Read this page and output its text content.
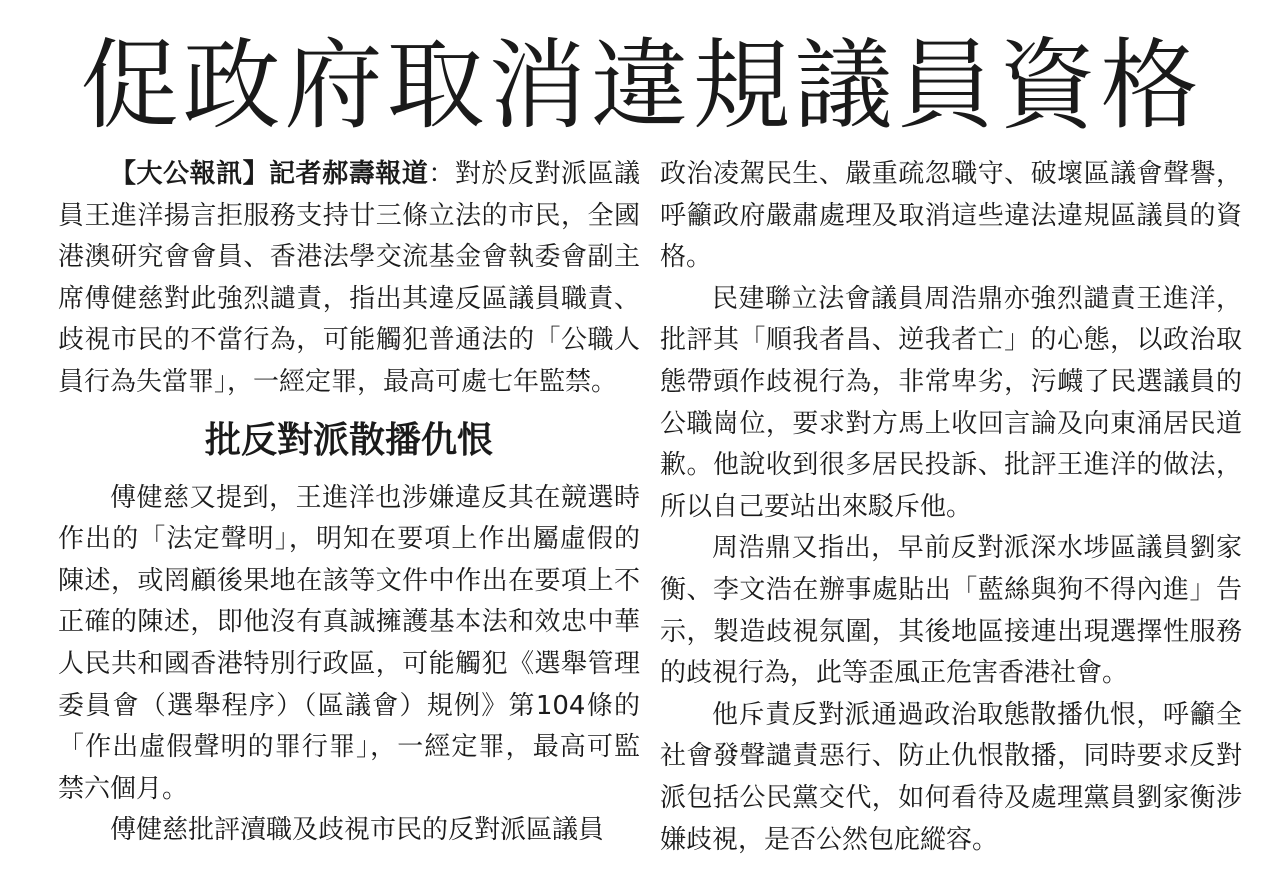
促政府取消違規議員資格

【大公報訊】記者郝壽報道：對於反對派區議員王進洋揚言拒服務支持廿三條立法的市民，全國港澳研究會會員、香港法學交流基金會執委會副主席傅健慈對此強烈譴責，指出其違反區議員職責、歧視市民的不當行為，可能觸犯普通法的「公職人員行為失當罪」，一經定罪，最高可處七年監禁。

批反對派散播仇恨

傅健慈又提到，王進洋也涉嫌違反其在競選時作出的「法定聲明」，明知在要項上作出屬虛假的陳述，或罔顧後果地在該等文件中作出在要項上不正確的陳述，即他沒有真誠擁護基本法和效忠中華人民共和國香港特別行政區，可能觸犯《選舉管理委員會（選舉程序）（區議會）規例》第104條的「作出虛假聲明的罪行罪」，一經定罪，最高可監禁六個月。

傅健慈批評瀆職及歧視市民的反對派區議員

政治凌駕民生、嚴重疏忽職守、破壞區議會聲譽，呼籲政府嚴肅處理及取消這些違法違規區議員的資格。

民建聯立法會議員周浩鼎亦強烈譴責王進洋，批評其「順我者昌、逆我者亡」的心態，以政治取態帶頭作歧視行為，非常卑劣，污衊了民選議員的公職崗位，要求對方馬上收回言論及向東涌居民道歉。他說收到很多居民投訴、批評王進洋的做法，所以自己要站出來駁斥他。

周浩鼎又指出，早前反對派深水埗區議員劉家衡、李文浩在辦事處貼出「藍絲與狗不得內進」告示，製造歧視氛圍，其後地區接連出現選擇性服務的歧視行為，此等歪風正危害香港社會。

他斥責反對派通過政治取態散播仇恨，呼籲全社會發聲譴責惡行、防止仇恨散播，同時要求反對派包括公民黨交代，如何看待及處理黨員劉家衡涉嫌歧視，是否公然包庇縱容。
